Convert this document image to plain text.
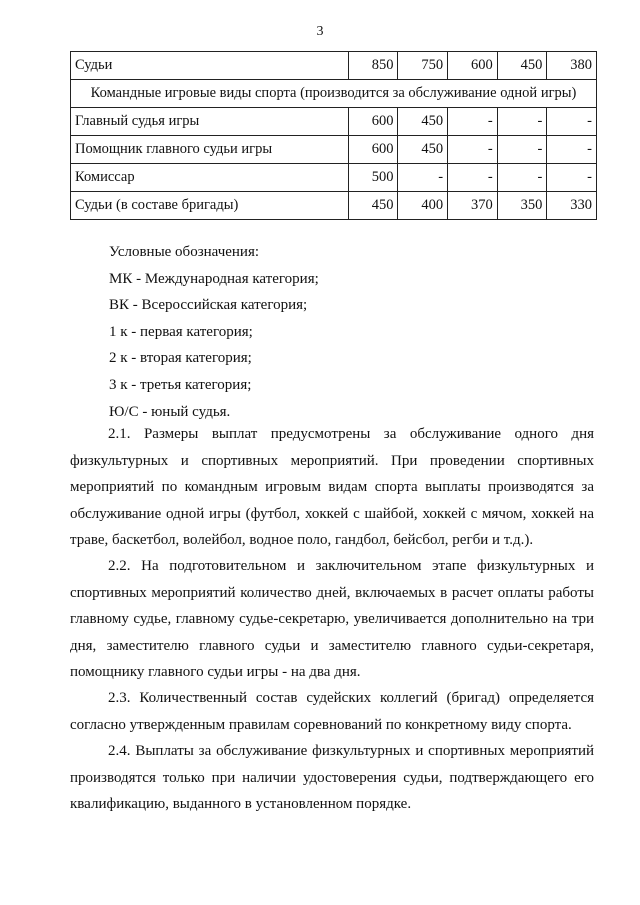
3
Судьи	850	750	600	450	380
Командные игровые виды спорта (производится за обслуживание одной игры)					
Главный судья игры	600	450	-	-	-
Помощник главного судьи игры	600	450	-	-	-
Комиссар	500	-	-	-	-
Судьи (в составе бригады)	450	400	370	350	330
Условные обозначения:
МК - Международная категория;
ВК - Всероссийская категория;
1 к - первая категория;
2 к - вторая категория;
3 к - третья категория;
Ю/С - юный судья.
2.1. Размеры выплат предусмотрены за обслуживание одного дня физкультурных и спортивных мероприятий. При проведении спортивных мероприятий по командным игровым видам спорта выплаты производятся за обслуживание одной игры (футбол, хоккей с шайбой, хоккей с мячом, хоккей на траве, баскетбол, волейбол, водное поло, гандбол, бейсбол, регби и т.д.).
2.2. На подготовительном и заключительном этапе физкультурных и спортивных мероприятий количество дней, включаемых в расчет оплаты работы главному судье, главному судье-секретарю, увеличивается дополнительно на три дня, заместителю главного судьи и заместителю главного судьи-секретаря, помощнику главного судьи игры - на два дня.
2.3. Количественный состав судейских коллегий (бригад) определяется согласно утвержденным правилам соревнований по конкретному виду спорта.
2.4. Выплаты за обслуживание физкультурных и спортивных мероприятий производятся только при наличии удостоверения судьи, подтверждающего его квалификацию, выданного в установленном порядке.
